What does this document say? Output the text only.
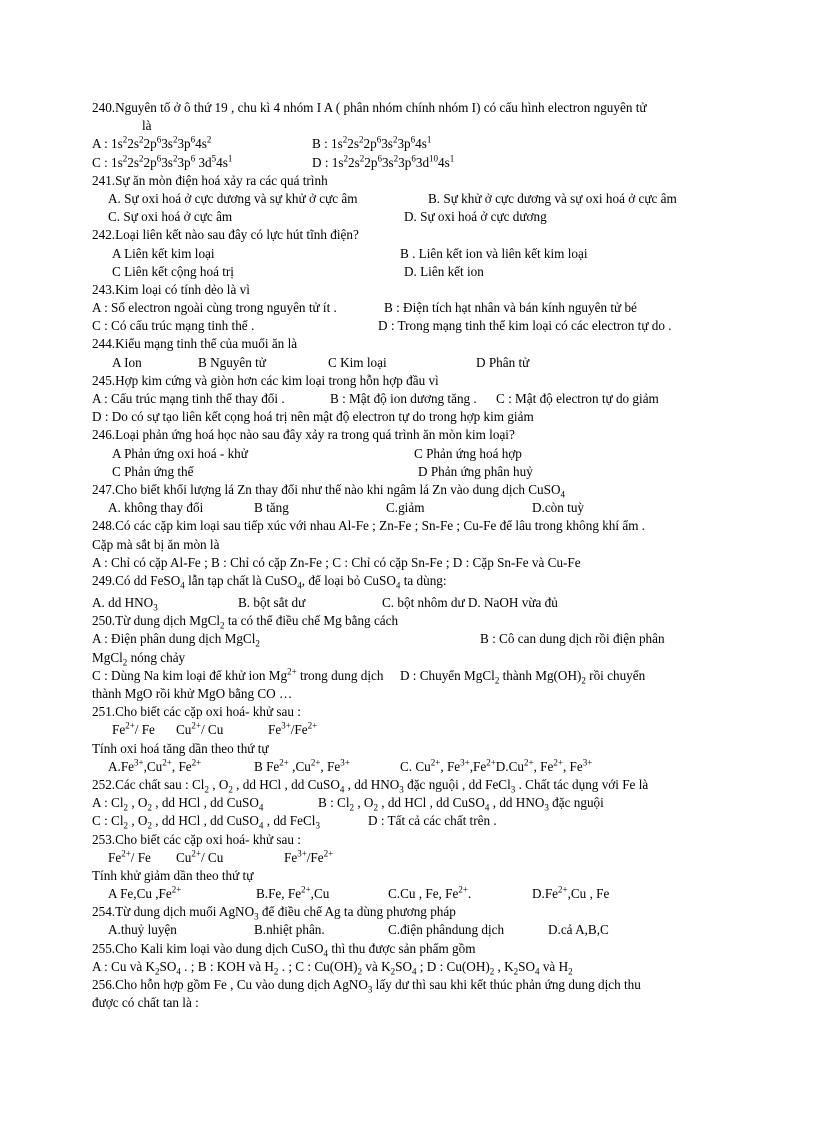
240.Nguyên tố ở ô thứ 19 , chu kì 4 nhóm I A ( phân nhóm chính nhóm I) có cấu hình electron nguyên tử
là
A : $1s^22s^22p^63s^23p^64s^2$	B : $1s^22s^22p^63s^23p^64s^1$
C : $1s^22s^22p^63s^23p^6$ $3d^54s^1$	D : $1s^22s^22p^63s^23p^63d^{10}4s^1$
241.Sự ăn mòn điện hoá xảy ra các quá trình
A. Sự oxi hoá ở cực dương và sự khử ở cực âm	B. Sự khử ở cực dương và sự oxi hoá ở cực âm
C. Sự oxi hoá ở cực âm	D. Sự oxi hoá ở cực dương
242.Loại liên kết nào sau đây có lực hút tĩnh điện?
A Liên kết kim loại	B . Liên kết ion và liên kết kim loại
C Liên kết cộng hoá trị	D. Liên kết ion
243.Kim loại có tính dẻo là vì
A : Số electron ngoài cùng trong nguyên tử ít .	B : Điện tích hạt nhân và bán kính nguyên tử bé
C : Có cấu trúc mạng tinh thể .	D : Trong mạng tinh thể kim loại có các electron tự do .
244.Kiểu mạng tinh thể của muối ăn là
A Ion	B Nguyên tử	C Kim loại	D Phân tử
245.Hợp kim cứng và giòn hơn các kim loại trong hỗn hợp đầu vì
A : Cấu trúc mạng tinh thể thay đổi .	B : Mật độ ion dương tăng . C : Mật độ electron tự do giảm
D : Do có sự tạo liên kết cọng hoá trị nên mật độ electron tự do trong hợp kim giảm
246.Loại phản ứng hoá học nào sau đây xảy ra trong quá trình ăn mòn kim loại?
A Phản ứng oxi hoá - khử	C Phản ứng hoá hợp
C Phản ứng thế	D Phản ứng phân huỷ
247.Cho biết khối lượng lá Zn thay đổi như thế nào khi ngâm lá Zn vào dung dịch CuSO$_4$
A. không thay đổi	B tăng	C.giảm	D.còn tuỳ
248.Có các cặp kim loại sau tiếp xúc với nhau Al-Fe ; Zn-Fe ; Sn-Fe ; Cu-Fe để lâu trong không khí ẩm .
Cặp mà sắt bị ăn mòn là
A : Chỉ có cặp Al-Fe ; B : Chỉ có cặp Zn-Fe ; C : Chỉ có cặp Sn-Fe ; D : Cặp Sn-Fe và Cu-Fe
249.Có dd FeSO$_4$ lẫn tạp chất là CuSO$_4$, để loại bỏ CuSO$_4$ ta dùng:
A. dd $HNO_3$	B. bột sắt dư	C. bột nhôm dư D. NaOH vừa đủ
250.Từ dung dịch MgCl$_2$ ta có thể điều chế Mg bằng cách
A : Điện phân dung dịch MgCl$_2$	B : Cô can dung dịch rồi điện phân
MgCl$_2$ nóng chảy
C : Dùng Na kim loại để khử ion $Mg^{2+}$ trong dung dịch     D : Chuyển MgCl$_2$ thành $Mg(OH)_2$ rồi chuyển
thành MgO rồi khử MgO bằng CO …
251.Cho biết các cặp oxi hoá- khử sau :
$Fe^{2+}/$ Fe $Cu^{2+}/$ Cu	$Fe^{3+}/Fe^{2+}$
Tính oxi hoá tăng dần theo thứ tự
$A.Fe^{3+},Cu^{2+}$, $Fe^{2+}$	B $Fe^{2+}$ $,Cu^{2+}$, $Fe^{3+}$	C. $Cu^{2+}$, $Fe^{3+},Fe^{2+}D.Cu^{2+}$, $Fe^{2+}$, $Fe^{3+}$
252.Các chất sau : $Cl_2$ , $O_2$ , dd HCl , dd CuSO$_4$ , dd $HNO_3$ đặc nguội , dd FeCl$_3$ . Chất tác dụng với Fe là
A : $Cl_2$ , $O_2$ , dd HCl , dd CuSO$_4$	B : $Cl_2$ , $O_2$ , dd HCl , dd CuSO$_4$ , dd $HNO_3$ đặc nguội
C : $Cl_2$ , $O_2$ , dd HCl , dd CuSO$_4$ , dd FeCl$_3$	D : Tất cả các chất trên .
253.Cho biết các cặp oxi hoá- khử sau :
$Fe^{2+}/$ Fe $Cu^{2+}/$ Cu	$Fe^{3+}/Fe^{2+}$
Tính khử giảm dần theo thứ tự
A Fe,Cu $,Fe^{2+}$	B.Fe, $Fe^{2+},Cu$	C.Cu , Fe, $Fe^{2+}$.	$D.Fe^{2+},Cu$ , Fe
254.Từ dung dịch muối AgNO$_3$ để điều chế Ag ta dùng phương pháp
A.thuỷ luyện	B.nhiệt phân.	C.điện phândung dịch	D.cả A,B,C
255.Cho Kali kim loại vào dung dịch CuSO$_4$ thì thu được sản phẩm gồm
A : Cu và $K_2SO_4$ . ; B : KOH và $H_2$ . ; C : $Cu(OH)_2$ và $K_2SO_4$ ; D : $Cu(OH)_2$ , $K_2SO_4$ và $H_2$
256.Cho hỗn hợp gồm Fe , Cu vào dung dịch AgNO$_3$ lấy dư thì sau khi kết thúc phản ứng dung dịch thu
được có chất tan là :
